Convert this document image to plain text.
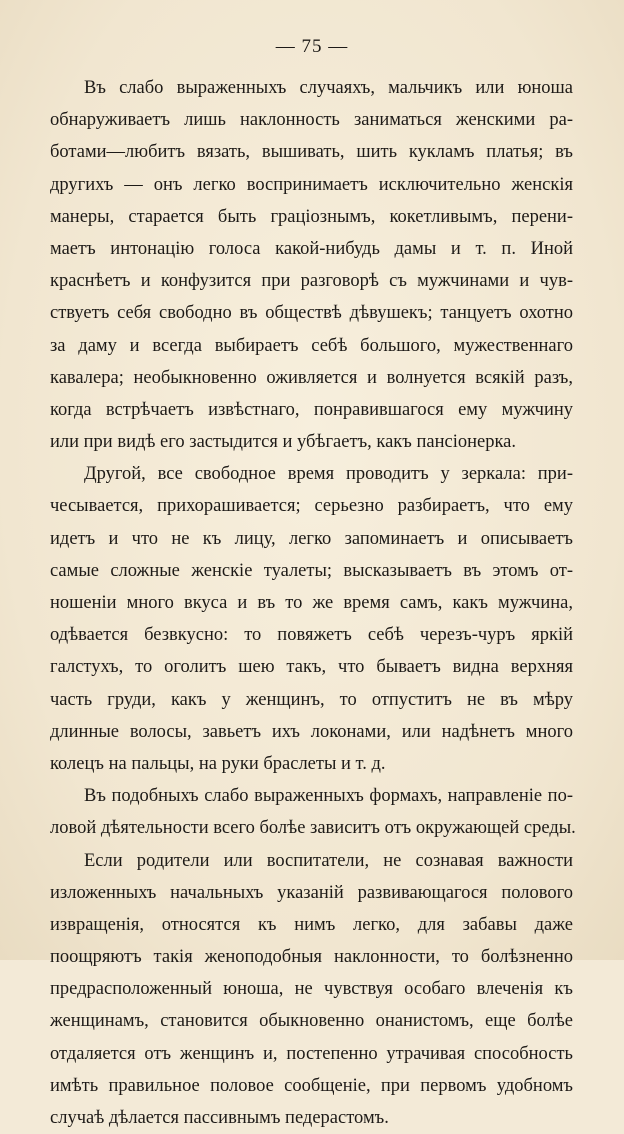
— 75 —
Въ слабо выраженныхъ случаяхъ, мальчикъ или юноша
обнаруживаетъ лишь наклонность заниматься женскими ра-
ботами—любитъ вязать, вышивать, шить кукламъ платья; въ
другихъ — онъ легко воспринимаетъ исключительно женскія
манеры, старается быть граціознымъ, кокетливымъ, перени-
маетъ интонацію голоса какой-нибудь дамы и т. п. Иной
краснѣетъ и конфузится при разговорѣ съ мужчинами и чув-
ствуетъ себя свободно въ обществѣ дѣвушекъ; танцуетъ охотно
за даму и всегда выбираетъ себѣ большого, мужественнаго
кавалера; необыкновенно оживляется и волнуется всякій разъ,
когда встрѣчаетъ извѣстнаго, понравившагося ему мужчину
или при видѣ его застыдится и убѣгаетъ, какъ пансіонерка.
Другой, все свободное время проводитъ у зеркала: при-
чесывается, прихорашивается; серьезно разбираетъ, что ему
идетъ и что не къ лицу, легко запоминаетъ и описываетъ
самые сложные женскіе туалеты; высказываетъ въ этомъ от-
ношеніи много вкуса и въ то же время самъ, какъ мужчина,
одѣвается безвкусно: то повяжетъ себѣ черезъ-чуръ яркій
галстухъ, то оголитъ шею такъ, что бываетъ видна верхняя
часть груди, какъ у женщинъ, то отпуститъ не въ мѣру
длинные волосы, завьетъ ихъ локонами, или надѣнетъ много
колецъ на пальцы, на руки браслеты и т. д.
Въ подобныхъ слабо выраженныхъ формахъ, направленіе по-
ловой дѣятельности всего болѣе зависитъ отъ окружающей среды.
Если родители или воспитатели, не сознавая важности
изложенныхъ начальныхъ указаній развивающагося полового
извращенія, относятся къ нимъ легко, для забавы даже
поощряютъ такія женоподобныя наклонности, то болѣзненно
предрасположенный юноша, не чувствуя особаго влеченія къ
женщинамъ, становится обыкновенно онанистомъ, еще болѣе
отдаляется отъ женщинъ и, постепенно утрачивая способность
имѣть правильное половое сообщеніе, при первомъ удобномъ
случаѣ дѣлается пассивнымъ педерастомъ.
